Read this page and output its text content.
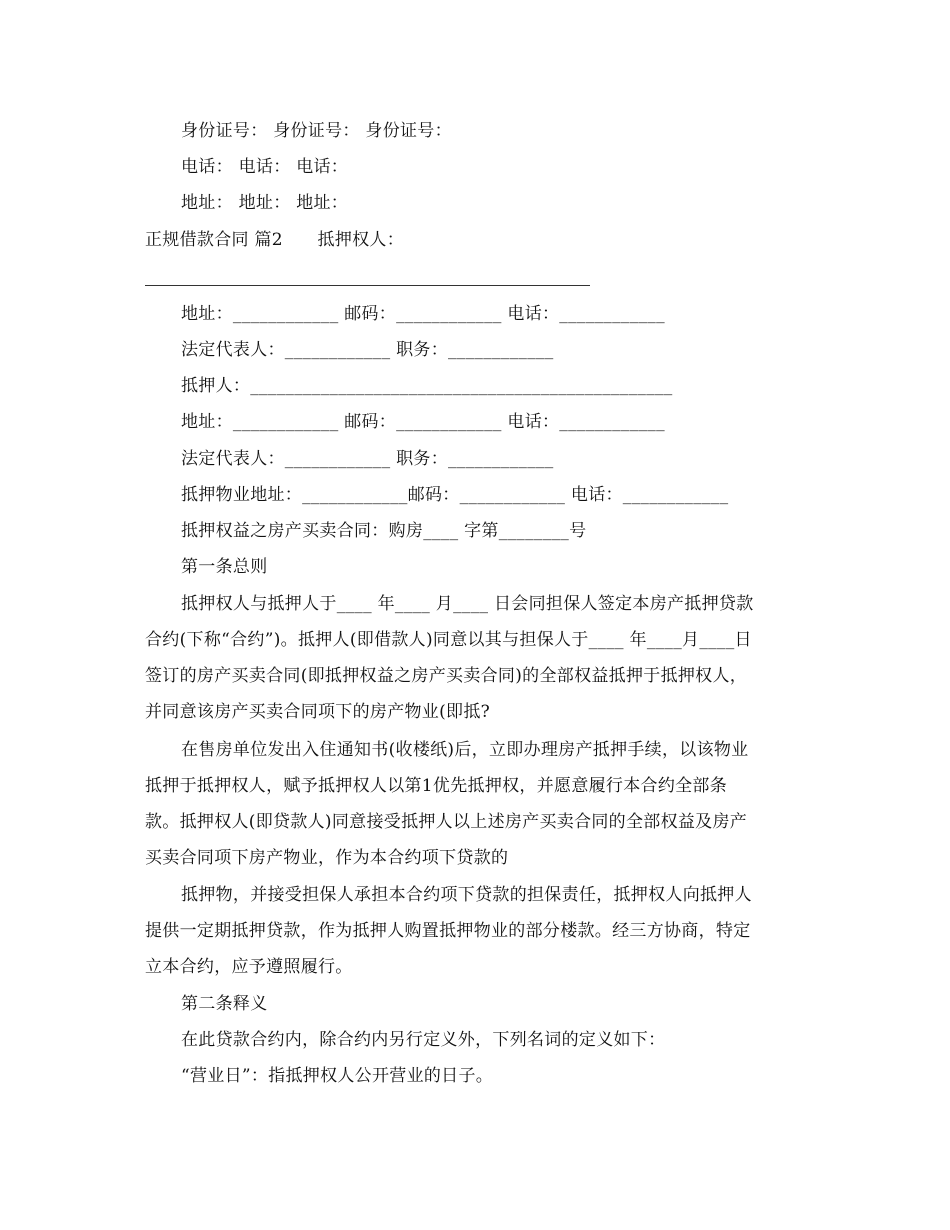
身份证号： 身份证号： 身份证号：
电话： 电话： 电话：
地址： 地址： 地址：
正规借款合同 篇2　　抵押权人：
地址：____________ 邮码：____________ 电话：____________
法定代表人：____________ 职务：____________
抵押人：________________________________________________
地址：____________ 邮码：____________ 电话：____________
法定代表人：____________ 职务：____________
抵押物业地址：____________邮码：____________ 电话：____________
抵押权益之房产买卖合同：购房____ 字第________号
第一条总则
抵押权人与抵押人于____ 年____ 月____ 日会同担保人签定本房产抵押贷款
合约(下称“合约”)。抵押人(即借款人)同意以其与担保人于____ 年____月____日
签订的房产买卖合同(即抵押权益之房产买卖合同)的全部权益抵押于抵押权人，
并同意该房产买卖合同项下的房产物业(即抵?
在售房单位发出入住通知书(收楼纸)后，立即办理房产抵押手续，以该物业
抵押于抵押权人，赋予抵押权人以第1优先抵押权，并愿意履行本合约全部条
款。抵押权人(即贷款人)同意接受抵押人以上述房产买卖合同的全部权益及房产
买卖合同项下房产物业，作为本合约项下贷款的
抵押物，并接受担保人承担本合约项下贷款的担保责任，抵押权人向抵押人
提供一定期抵押贷款，作为抵押人购置抵押物业的部分楼款。经三方协商，特定
立本合约，应予遵照履行。
第二条释义
在此贷款合约内，除合约内另行定义外，下列名词的定义如下：
“营业日”：指抵押权人公开营业的日子。
